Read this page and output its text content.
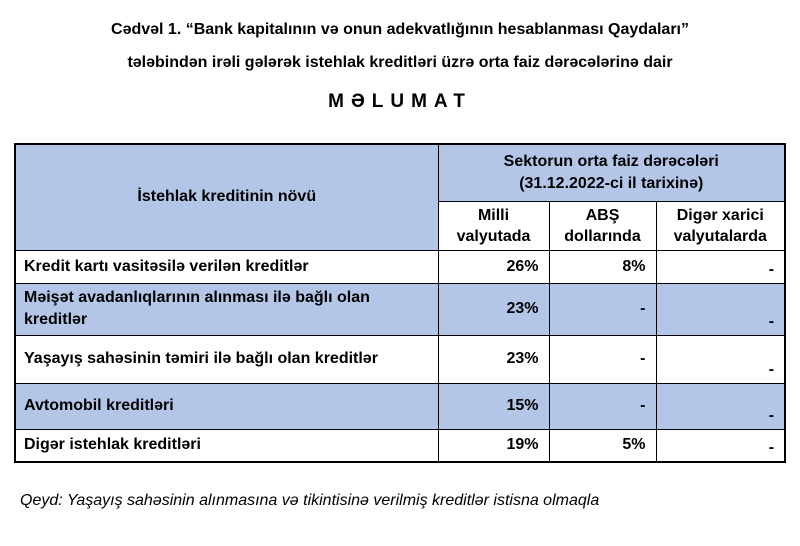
Cədvəl 1. “Bank kapitalının və onun adekvatlığının hesablanması Qaydaları”
tələbindən irəli gələrək istehlak kreditləri üzrə orta faiz dərəcələrinə dair
MƏLUMAT
İstehlak kreditinin növü	Sektorun orta faiz dərəcələri
(31.12.2022-ci il tarixinə)		

	Milli valyutada	ABŞ dollarında	Digər xarici valyutalarda
Kredit kartı vasitəsilə verilən kreditlər	26%	8%	-
Məişət avadanlıqlarının alınması ilə bağlı olan kreditlər	23%	-	-
Yaşayış sahəsinin təmiri ilə bağlı olan kreditlər	23%	-	-
Avtomobil kreditləri	15%	-	-
Digər istehlak kreditləri	19%	5%	-
Qeyd: Yaşayış sahəsinin alınmasına və tikintisinə verilmiş kreditlər istisna olmaqla
